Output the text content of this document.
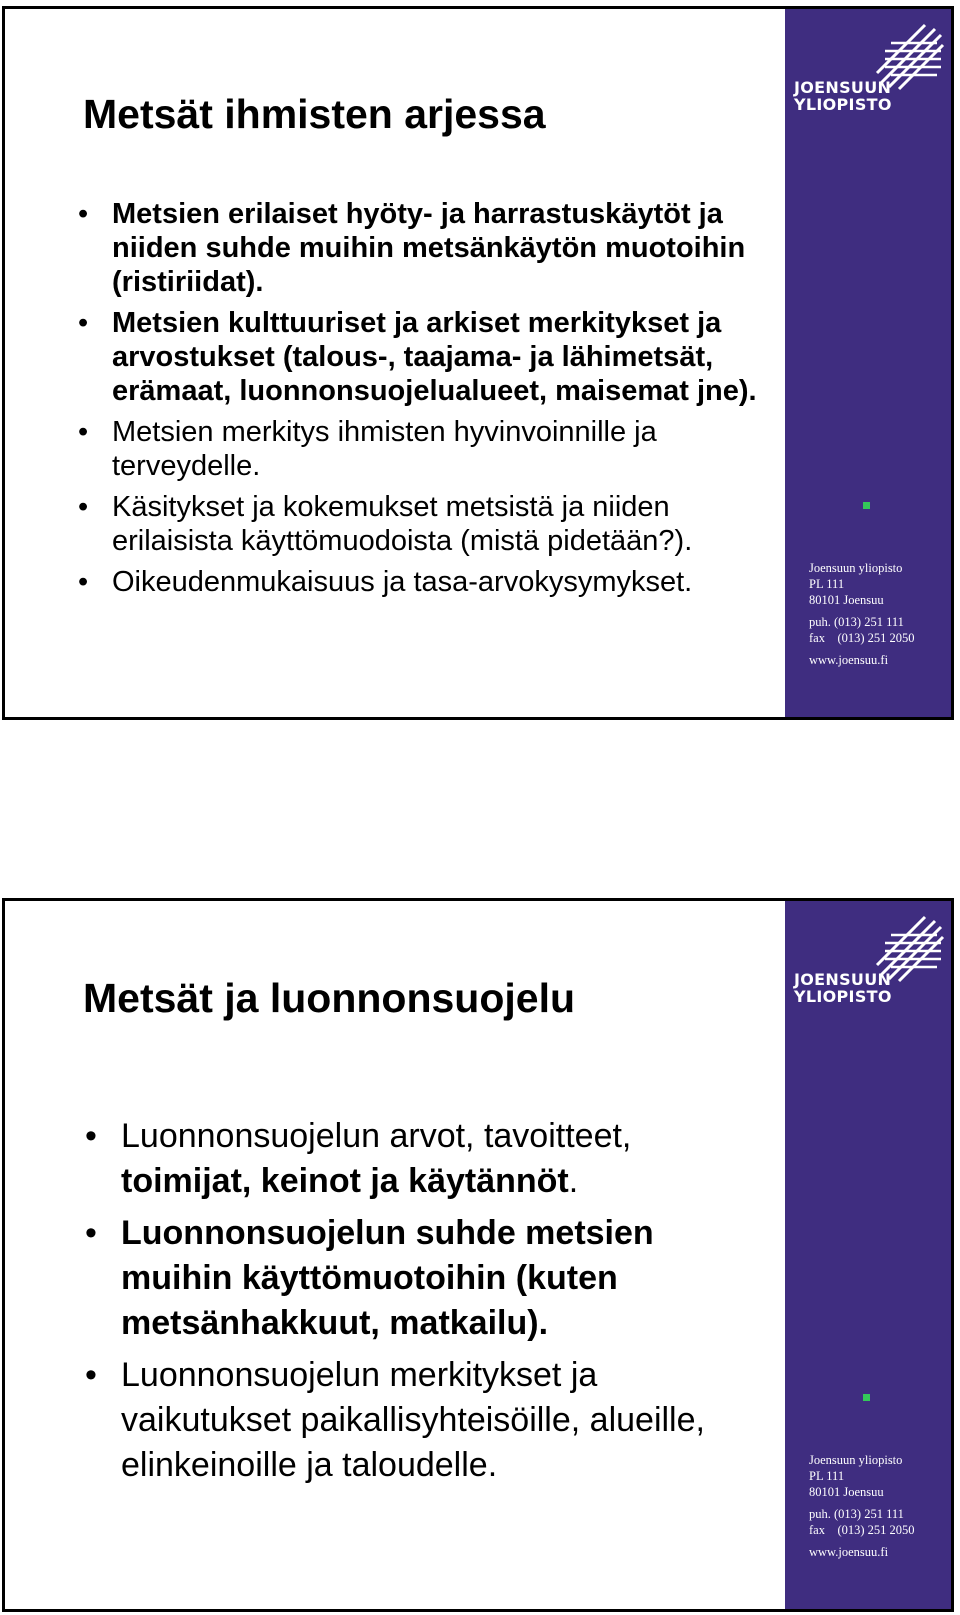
Metsät ihmisten arjessa
• Metsien erilaiset hyöty- ja harrastuskäytöt ja niiden suhde muihin metsänkäytön muotoihin (ristiriidat).
• Metsien kulttuuriset ja arkiset merkitykset ja arvostukset (talous-, taajama- ja lähimetsät, erämaat, luonnonsuojelualueet, maisemat jne).
• Metsien merkitys ihmisten hyvinvoinnille ja terveydelle.
• Käsitykset ja kokemukset metsistä ja niiden erilaisista käyttömuodoista (mistä pidetään?).
• Oikeudenmukaisuus ja tasa-arvokysymykset.
JOENSUUN
YLIOPISTO
Joensuun yliopisto
PL 111
80101 Joensuu
puh. (013) 251 111
fax    (013) 251 2050
www.joensuu.fi
Metsät ja luonnonsuojelu
• Luonnonsuojelun arvot, tavoitteet, toimijat, keinot ja käytännöt.
• Luonnonsuojelun suhde metsien muihin käyttömuotoihin (kuten metsänhakkuut, matkailu).
• Luonnonsuojelun merkitykset ja vaikutukset paikallisyhteisöille, alueille, elinkeinoille ja taloudelle.
JOENSUUN
YLIOPISTO
Joensuun yliopisto
PL 111
80101 Joensuu
puh. (013) 251 111
fax    (013) 251 2050
www.joensuu.fi
